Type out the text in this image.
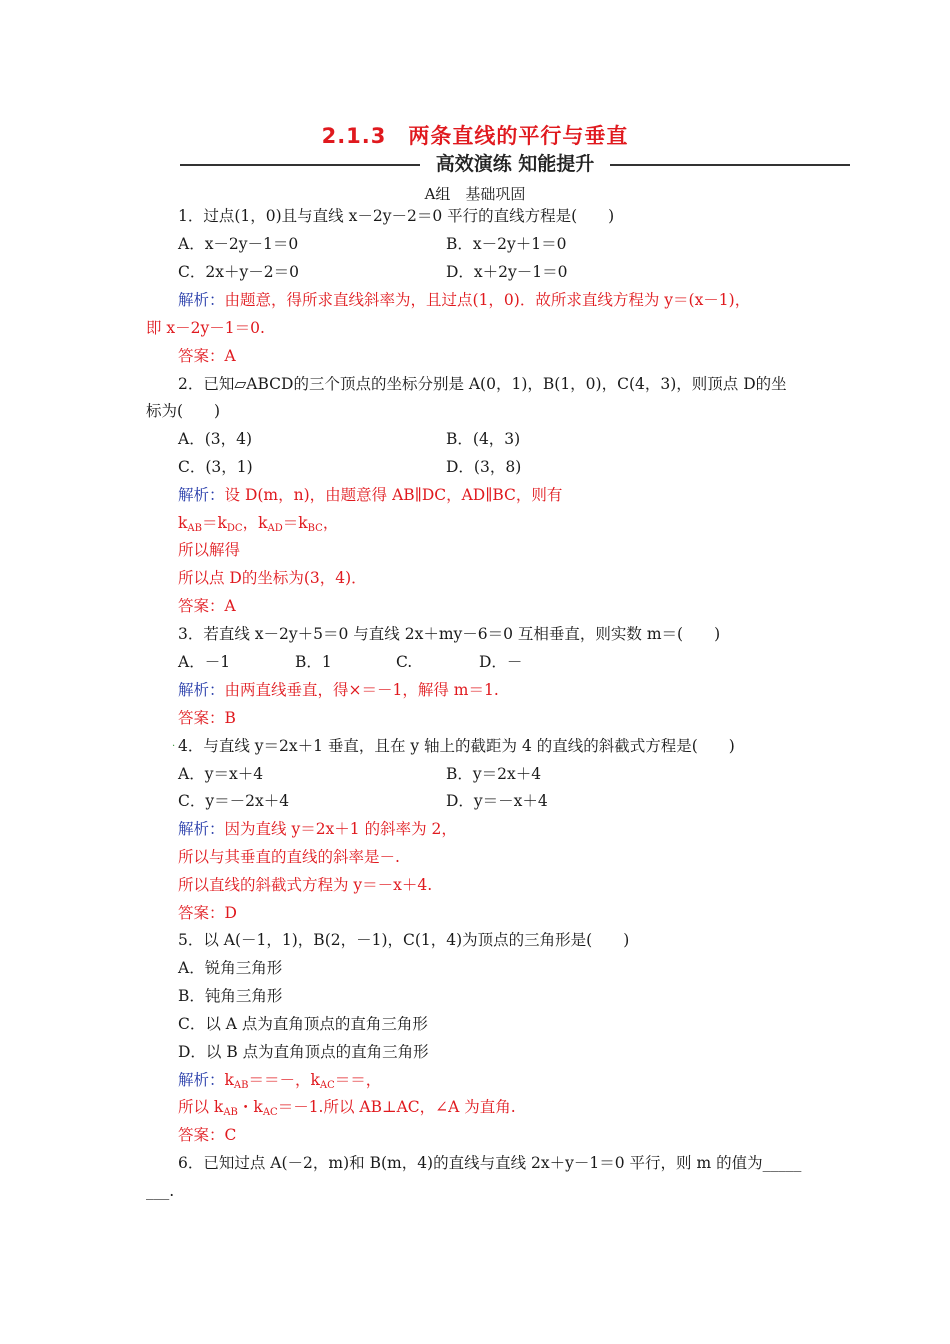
2.1.3　两条直线的平行与垂直
高效演练 知能提升
A组　基础巩固
1．过点(1，0)且与直线 x－2y－2＝0 平行的直线方程是(　　)
A．x－2y－1＝0	B．x－2y＋1＝0
C．2x＋y－2＝0	D．x＋2y－1＝0
解析：由题意，得所求直线斜率为，且过点(1，0)．故所求直线方程为 y＝(x－1)，
即 x－2y－1＝0.
答案：A
2．已知▱ABCD的三个顶点的坐标分别是 A(0，1)，B(1，0)，C(4，3)，则顶点 D的坐
标为(　　)
A．(3，4)	B．(4，3)
C．(3，1)	D．(3，8)
解析：设 D(m，n)，由题意得 AB∥DC，AD∥BC，则有
$k_{AB}=k_{DC}$，$k_{AD}=k_{BC}$，
所以解得
所以点 D的坐标为(3，4)．
答案：A
3．若直线 x－2y＋5＝0 与直线 2x＋my－6＝0 互相垂直，则实数 m＝(　　)
A．－1	B．1	C.	D．－
解析：由两直线垂直，得×＝－1，解得 m＝1.
答案：B
· 4．与直线 y＝2x＋1 垂直，且在 y 轴上的截距为 4 的直线的斜截式方程是(　　)
A．y＝x＋4	B．y＝2x＋4
C．y＝－2x＋4	D．y＝－x＋4
解析：因为直线 y＝2x＋1 的斜率为 2，
所以与其垂直的直线的斜率是－.
所以直线的斜截式方程为 y＝－x＋4.
答案：D
5．以 A(－1，1)，B(2，－1)，C(1，4)为顶点的三角形是(　　)
A．锐角三角形
B．钝角三角形
C．以 A 点为直角顶点的直角三角形
D．以 B 点为直角顶点的直角三角形
解析：$k_{AB}==-$，$k_{AC}==$，
所以 $k_{AB}$・$k_{AC}=-1$.所以 AB⊥AC，∠A 为直角.
答案：C
6．已知过点 A(－2，m)和 B(m，4)的直线与直线 2x＋y－1＝0 平行，则 m 的值为_____
___.
